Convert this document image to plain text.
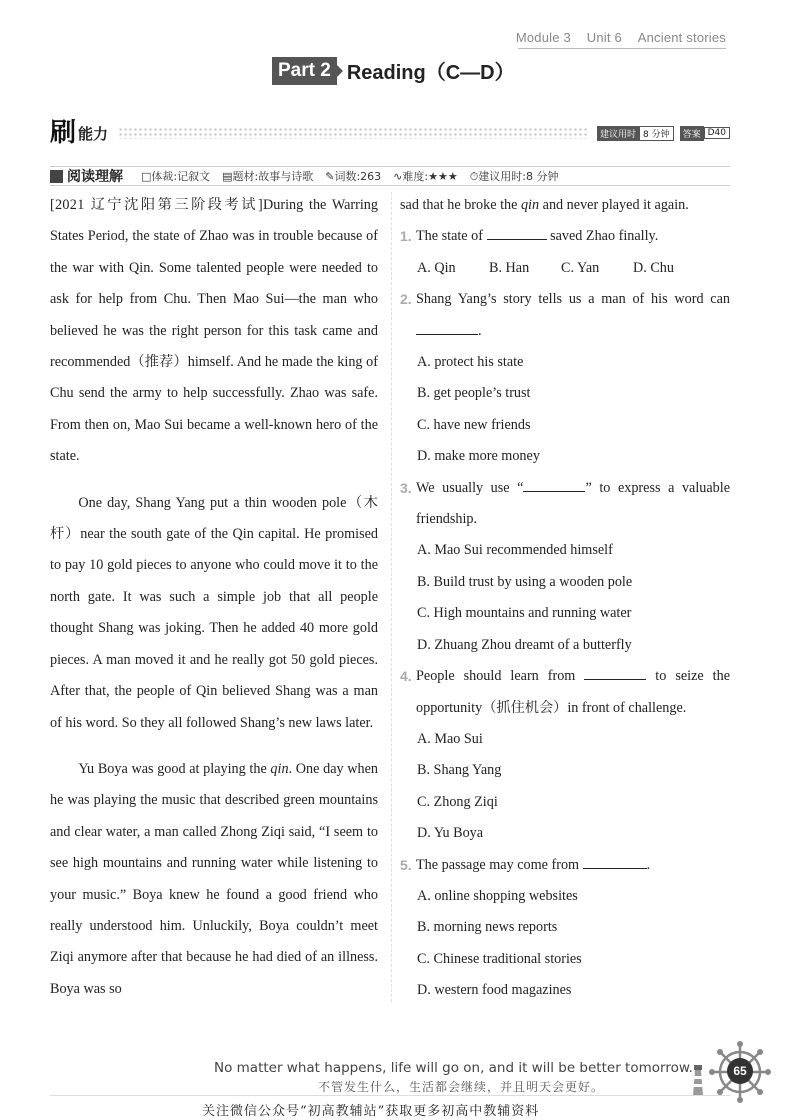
Module 3 Unit 6 Ancient stories
Part 2 Reading（C—D）
刷 能力	建议用时 8 分钟	答案 D40
阅读理解 □体裁:记叙文 ▤题材:故事与诗歌 ✎词数:263 ∿难度:★★★ ⏱建议用时:8 分钟

[2021 辽宁沈阳第三阶段考试]During the Warring States Period, the state of Zhao was in trouble because of the war with Qin. Some talented people were needed to ask for help from Chu. Then Mao Sui—the man who believed he was the right person for this task came and recommended（推荐）himself. And he made the king of Chu send the army to help successfully. Zhao was safe. From then on, Mao Sui became a well-known hero of the state.

One day, Shang Yang put a thin wooden pole（木杆）near the south gate of the Qin capital. He promised to pay 10 gold pieces to anyone who could move it to the north gate. It was such a simple job that all people thought Shang was joking. Then he added 40 more gold pieces. A man moved it and he really got 50 gold pieces. After that, the people of Qin believed Shang was a man of his word. So they all followed Shang’s new laws later.

Yu Boya was good at playing the qin. One day when he was playing the music that described green mountains and clear water, a man called Zhong Ziqi said, “I seem to see high mountains and running water while listening to your music.” Boya knew he found a good friend who really understood him. Unluckily, Boya couldn’t meet Ziqi anymore after that because he had died of an illness. Boya was so

sad that he broke the qin and never played it again.
1. The state of	saved Zhao finally.
A. Qin	B. Han	C. Yan	D. Chu
2. Shang Yang’s story tells us a man of his word can .
A. protect his state
B. get people’s trust
C. have new friends
D. make more money
3. We usually use “	” to express a valuable friendship.
A. Mao Sui recommended himself
B. Build trust by using a wooden pole
C. High mountains and running water
D. Zhuang Zhou dreamt of a butterfly
4. People should learn from	to seize the opportunity（抓住机会）in front of challenge.
A. Mao Sui
B. Shang Yang
C. Zhong Ziqi
D. Yu Boya
5. The passage may come from	.
A. online shopping websites
B. morning news reports
C. Chinese traditional stories
D. western food magazines
No matter what happens, life will go on, and it will be better tomorrow.
不管发生什么，生活都会继续，并且明天会更好。
65
关注微信公众号“初高教辅站”获取更多初高中教辅资料
